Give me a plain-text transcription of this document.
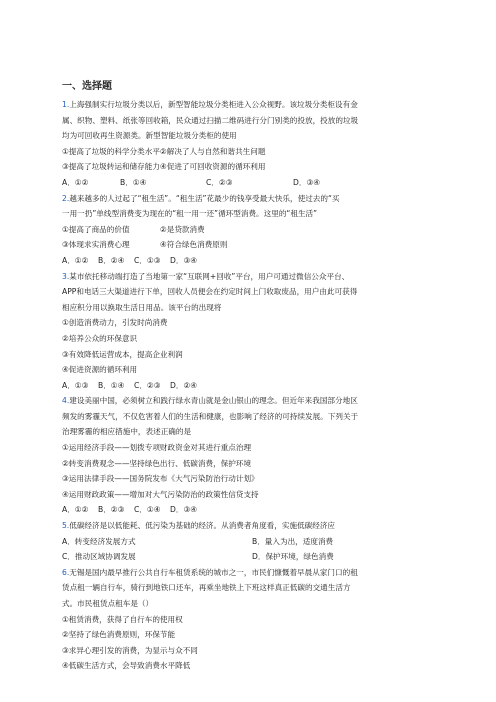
一、选择题
1.上海强制实行垃圾分类以后，新型智能垃圾分类柜进入公众视野。该垃圾分类柜设有金
属、织物、塑料、纸张等回收箱，民众通过扫描二维码进行分门别类的投放，投放的垃圾
均为可回收再生资源类。新型智能垃圾分类柜的使用
①提高了垃圾的科学分类水平②解决了人与自然和谐共生问题
③提高了垃圾转运和储存能力④促进了可回收资源的循环利用
A．①②	B．①④	C．②③	D．③④
2.越来越多的人过起了“租生活”。“租生活”花最少的钱享受最大快乐，使过去的“买
一用一扔”单线型消费变为现在的“租一用一还”循环型消费。这里的“租生活”
①提高了商品的价值　　　　②是贷款消费
③体现求实消费心理　　　　④符合绿色消费原则
A．①②	B．②④	C．①③	D．③④
3.某市依托移动端打造了当地第一家“互联网+回收”平台，用户可通过微信公众平台、
APP和电话三大渠道进行下单，回收人员便会在约定时间上门收取废品，用户由此可获得
相应积分用以换取生活日用品。该平台的出现将
①创造消费动力，引发时尚消费
②培养公众的环保意识
③有效降低运营成本，提高企业利润
④促进资源的循环利用
A．①③	B．①④	C．②③	D．②④
4.建设美丽中国，必须树立和践行绿水青山就是金山银山的理念。但近年来我国部分地区
频发的雾霾天气，不仅危害着人们的生活和健康，也影响了经济的可持续发展。下列关于
治理雾霾的相应措施中，表述正确的是
①运用经济手段——划拨专项财政资金对其进行重点治理
②转变消费观念——坚持绿色出行、低碳消费，保护环境
③运用法律手段——国务院发布《大气污染防治行动计划》
④运用财政政策——增加对大气污染防治的政策性信贷支持
A．①②	B．②③	C．①④	D．③④
5.低碳经济是以低能耗、低污染为基础的经济。从消费者角度看，实施低碳经济应
A．转变经济发展方式	B．量入为出，适度消费
C．推动区域协调发展	D．保护环境，绿色消费
6.无锡是国内最早推行公共自行车租赁系统的城市之一，市民们慷慨着早晨从家门口的租
赁点租一辆自行车，骑行到地铁口还车，再乘坐地铁上下班这样真正低碳的交通生活方
式。市民租赁点租车是（）
①租赁消费，获得了自行车的使用权
②坚持了绿色消费原则，环保节能
③求异心理引发的消费，为显示与众不同
④低碳生活方式，会导致消费水平降低
